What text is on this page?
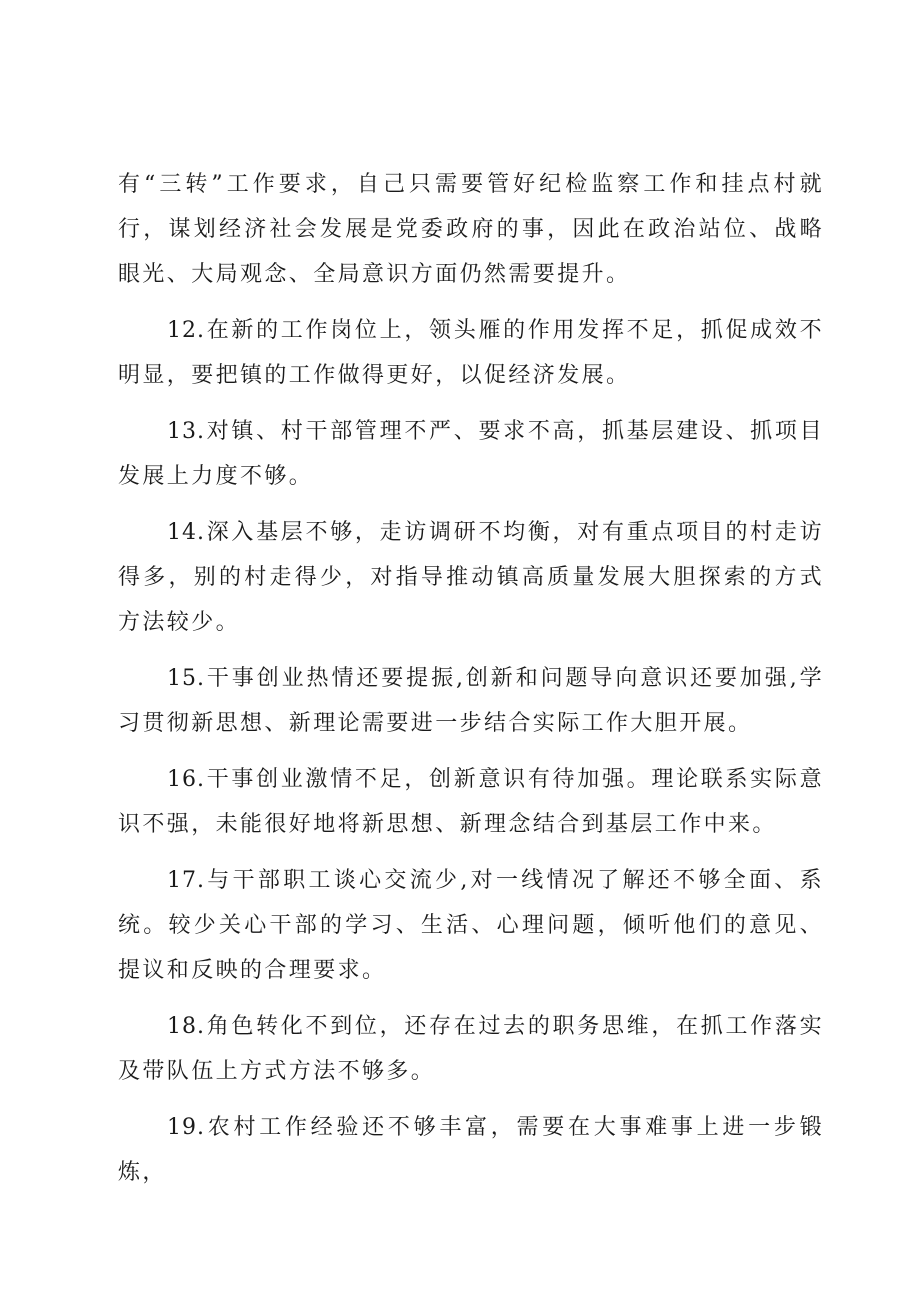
有“三转”工作要求，自己只需要管好纪检监察工作和挂点村就行，谋划经济社会发展是党委政府的事，因此在政治站位、战略眼光、大局观念、全局意识方面仍然需要提升。

12.在新的工作岗位上，领头雁的作用发挥不足，抓促成效不明显，要把镇的工作做得更好，以促经济发展。

13.对镇、村干部管理不严、要求不高，抓基层建设、抓项目发展上力度不够。

14.深入基层不够，走访调研不均衡，对有重点项目的村走访得多，别的村走得少，对指导推动镇高质量发展大胆探索的方式方法较少。

15.干事创业热情还要提振,创新和问题导向意识还要加强,学习贯彻新思想、新理论需要进一步结合实际工作大胆开展。

16.干事创业激情不足，创新意识有待加强。理论联系实际意识不强，未能很好地将新思想、新理念结合到基层工作中来。

17.与干部职工谈心交流少,对一线情况了解还不够全面、系统。较少关心干部的学习、生活、心理问题，倾听他们的意见、提议和反映的合理要求。

18.角色转化不到位，还存在过去的职务思维，在抓工作落实及带队伍上方式方法不够多。

19.农村工作经验还不够丰富，需要在大事难事上进一步锻炼，
